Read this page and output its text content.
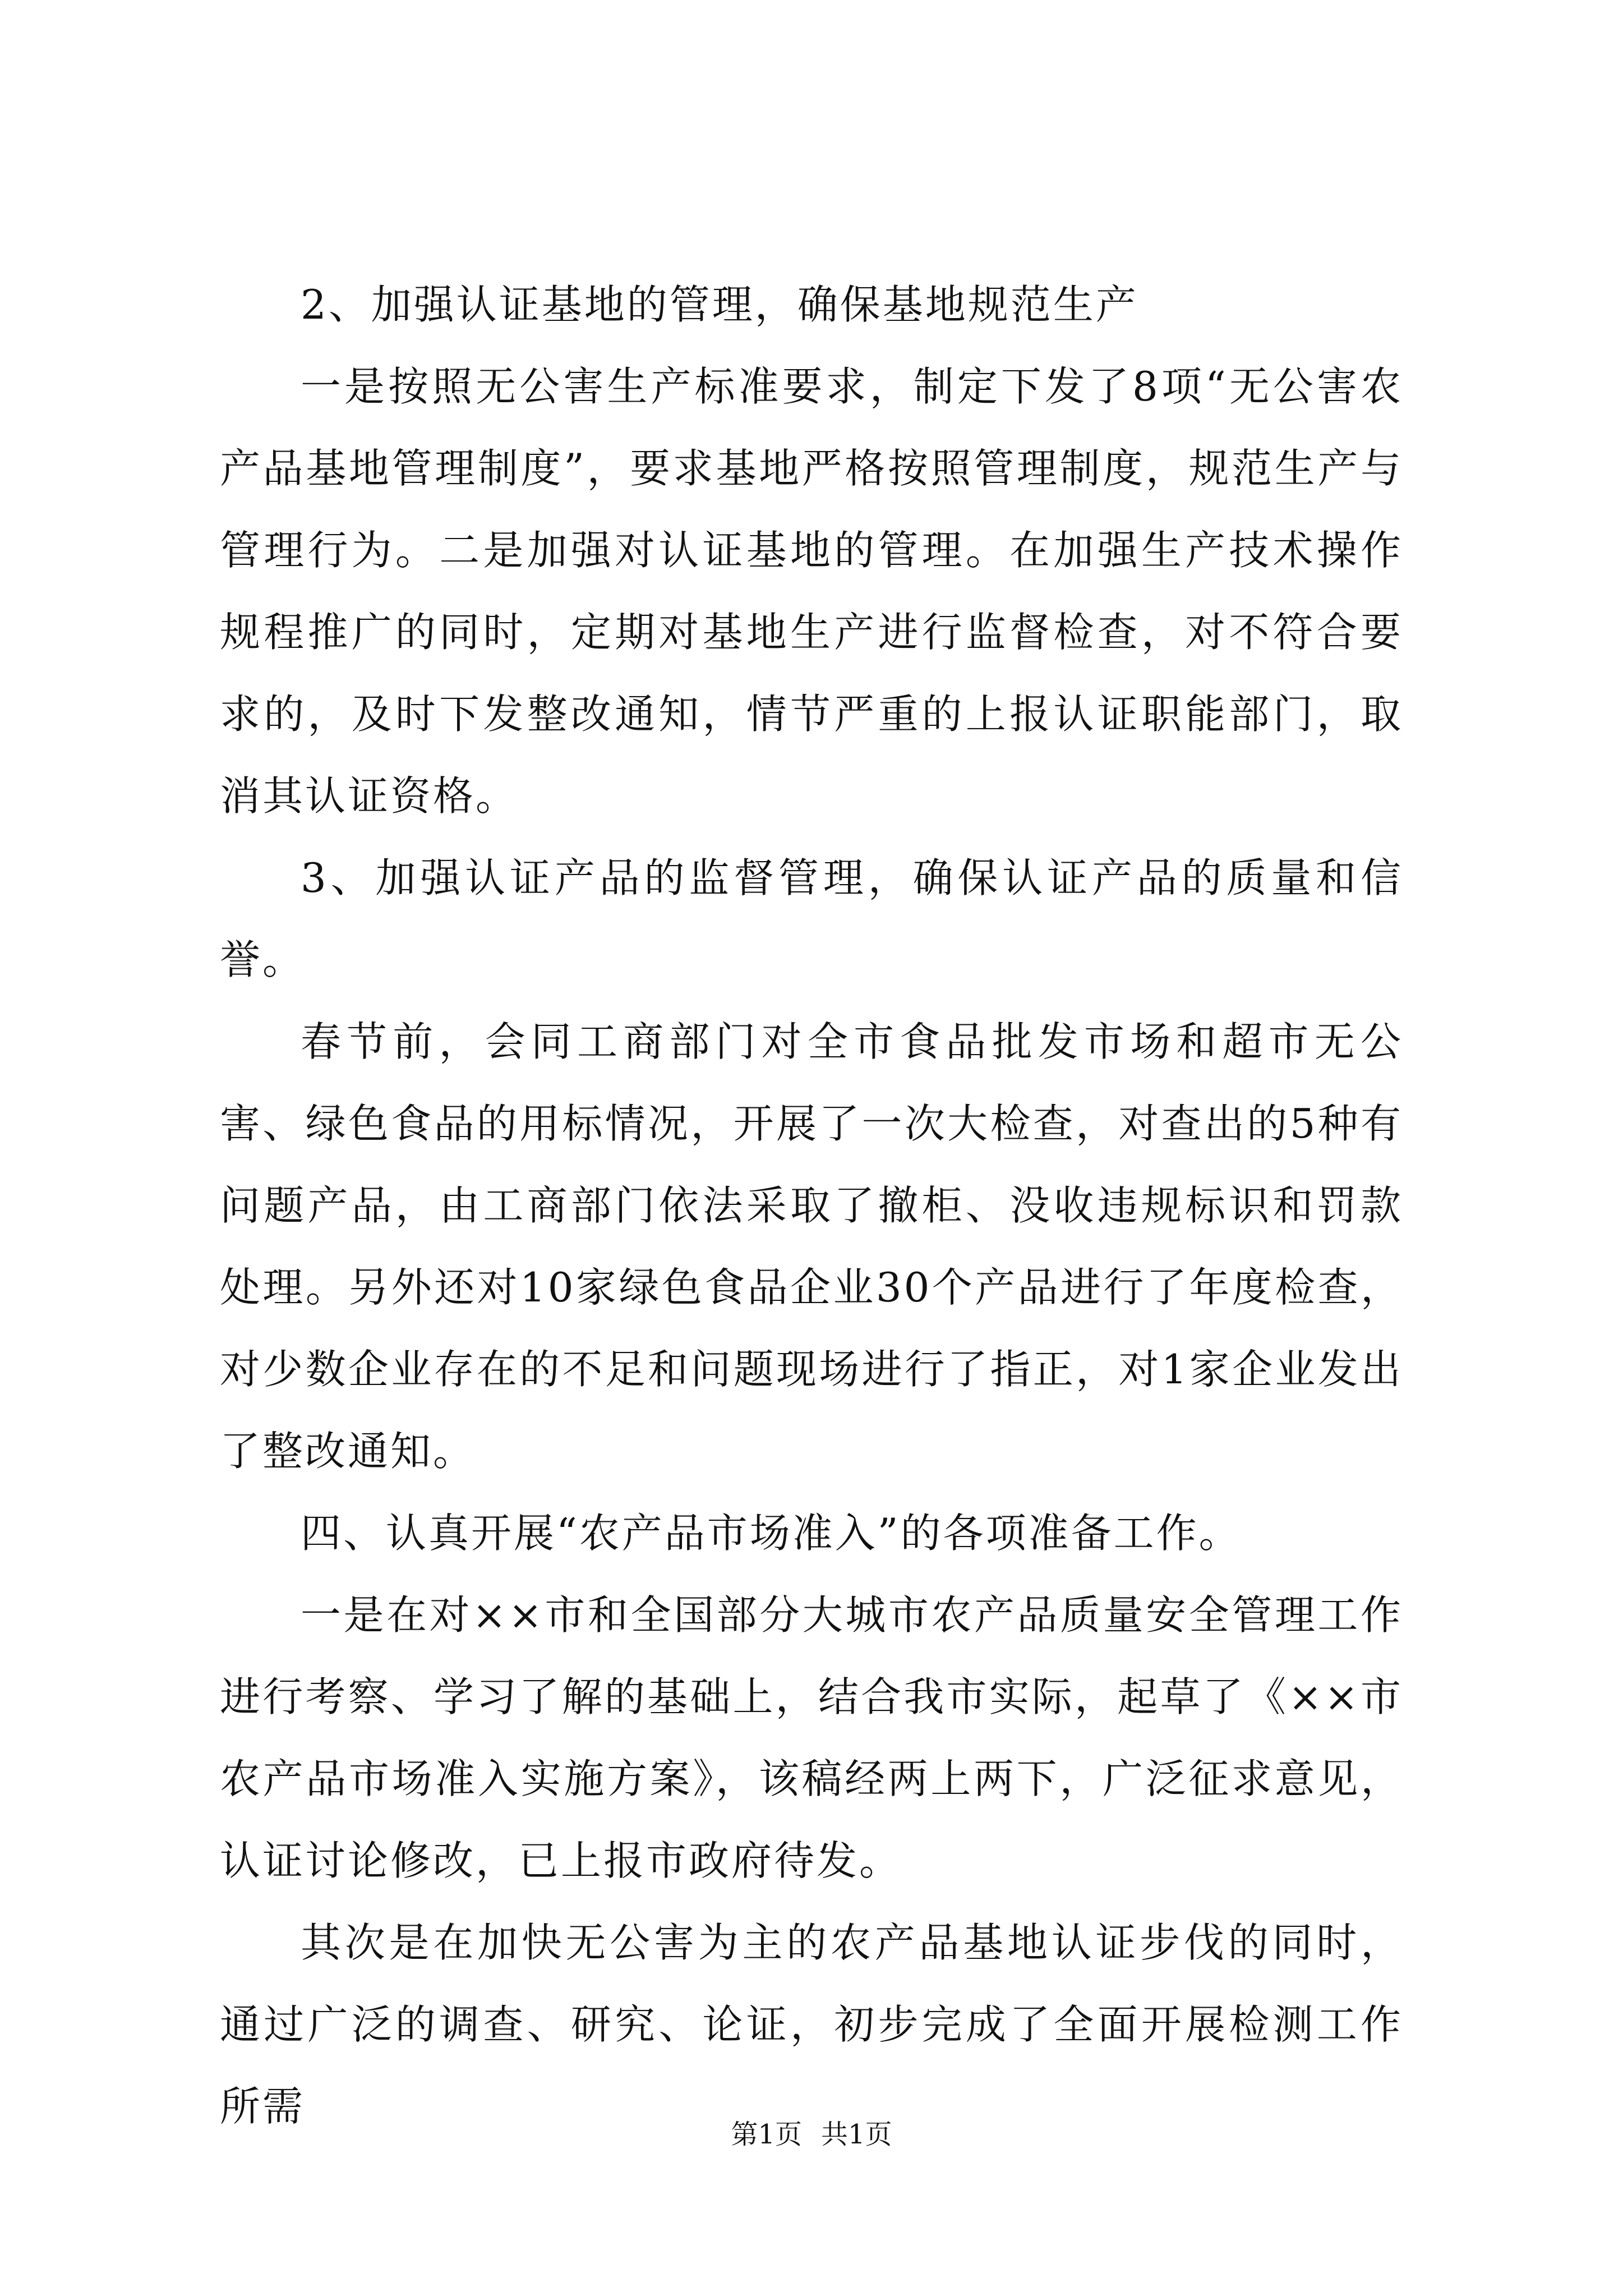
2、加强认证基地的管理，确保基地规范生产

一是按照无公害生产标准要求，制定下发了8项“无公害农产品基地管理制度”，要求基地严格按照管理制度，规范生产与管理行为。二是加强对认证基地的管理。在加强生产技术操作规程推广的同时，定期对基地生产进行监督检查，对不符合要求的，及时下发整改通知，情节严重的上报认证职能部门，取消其认证资格。

3、加强认证产品的监督管理，确保认证产品的质量和信誉。

春节前，会同工商部门对全市食品批发市场和超市无公害、绿色食品的用标情况，开展了一次大检查，对查出的5种有问题产品，由工商部门依法采取了撤柜、没收违规标识和罚款处理。另外还对10家绿色食品企业30个产品进行了年度检查，对少数企业存在的不足和问题现场进行了指正，对1家企业发出了整改通知。

四、认真开展“农产品市场准入”的各项准备工作。

一是在对××市和全国部分大城市农产品质量安全管理工作进行考察、学习了解的基础上，结合我市实际，起草了《××市农产品市场准入实施方案》，该稿经两上两下，广泛征求意见，认证讨论修改，已上报市政府待发。

其次是在加快无公害为主的农产品基地认证步伐的同时，通过广泛的调查、研究、论证，初步完成了全面开展检测工作所需

第1页 共1页
